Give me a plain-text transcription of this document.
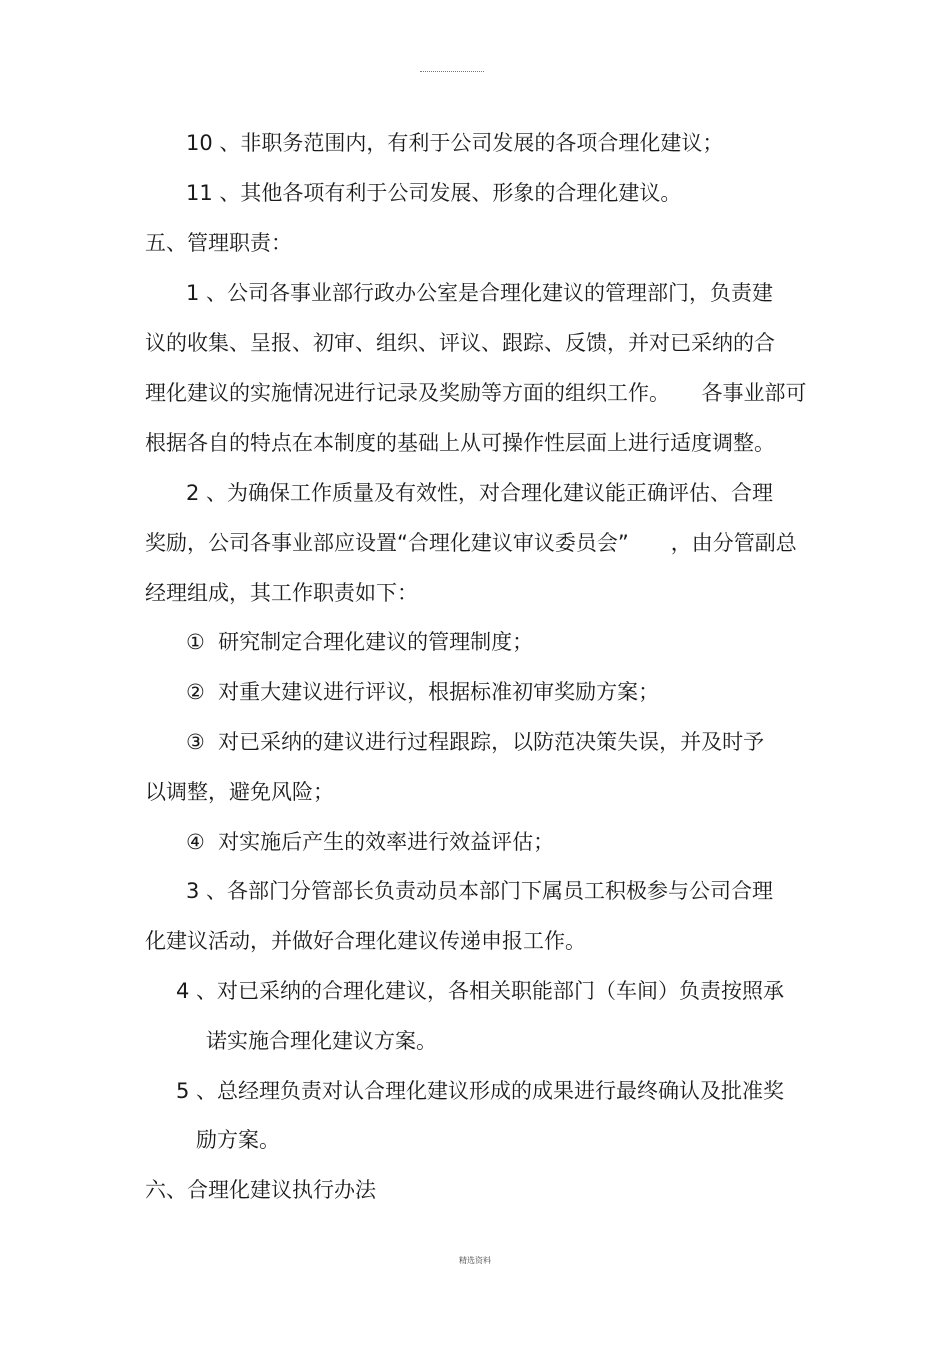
10 、非职务范围内，有利于公司发展的各项合理化建议；
11 、其他各项有利于公司发展、形象的合理化建议。
五、管理职责：
1 、公司各事业部行政办公室是合理化建议的管理部门，负责建
议的收集、呈报、初审、组织、评议、跟踪、反馈，并对已采纳的合
理化建议的实施情况进行记录及奖励等方面的组织工作。　　各事业部可
根据各自的特点在本制度的基础上从可操作性层面上进行适度调整。
2 、为确保工作质量及有效性，对合理化建议能正确评估、合理
奖励，公司各事业部应设置“合理化建议审议委员会”　　，由分管副总
经理组成，其工作职责如下：
①  研究制定合理化建议的管理制度；
②  对重大建议进行评议，根据标准初审奖励方案；
③  对已采纳的建议进行过程跟踪，以防范决策失误，并及时予
以调整，避免风险；
④  对实施后产生的效率进行效益评估；
3 、各部门分管部长负责动员本部门下属员工积极参与公司合理
化建议活动，并做好合理化建议传递申报工作。
4 、对已采纳的合理化建议，各相关职能部门（车间）负责按照承
诺实施合理化建议方案。
5 、总经理负责对认合理化建议形成的成果进行最终确认及批准奖
励方案。
六、合理化建议执行办法
精选资料
